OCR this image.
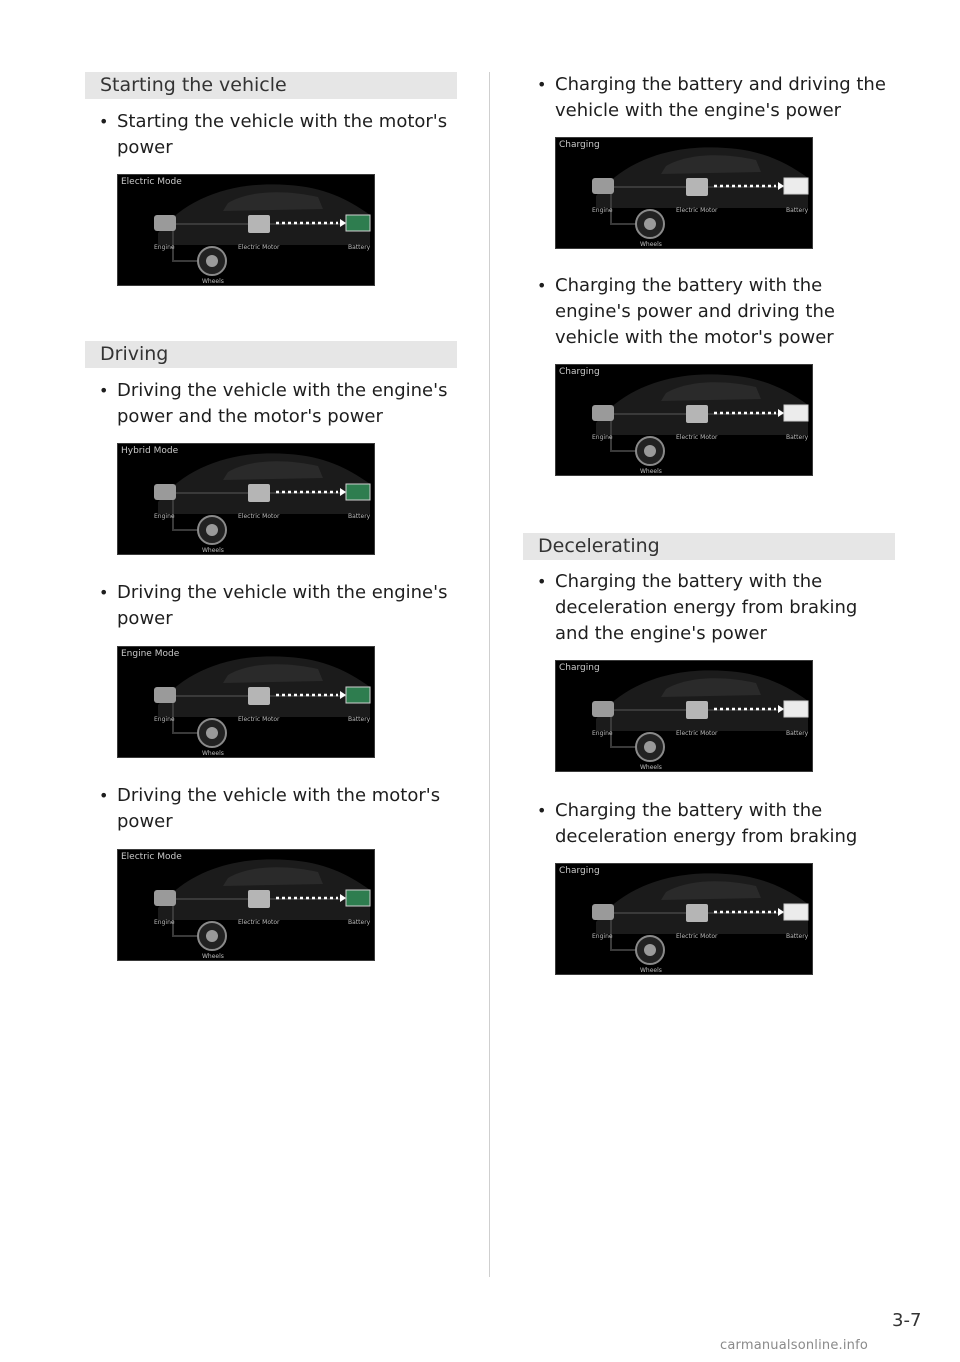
Starting the vehicle
• Starting the vehicle with the motor's power
Electric Mode
Engine	Electric Motor	Battery
Wheels
Driving
• Driving the vehicle with the engine's power and the motor's power
Hybrid Mode
Engine	Electric Motor	Battery
Wheels
• Driving the vehicle with the engine's power
Engine Mode
Engine	Electric Motor	Battery
Wheels
• Driving the vehicle with the motor's power
Electric Mode
Engine	Electric Motor	Battery
Wheels
• Charging the battery and driving the vehicle with the engine's power
Charging
Engine	Electric Motor	Battery
Wheels
• Charging the battery with the engine's power and driving the vehicle with the motor's power
Charging
Engine	Electric Motor	Battery
Wheels
Decelerating
• Charging the battery with the deceleration energy from braking and the engine's power
Charging
Engine	Electric Motor	Battery
Wheels
• Charging the battery with the deceleration energy from braking
Charging
Engine	Electric Motor	Battery
Wheels
3-7
carmanualsonline.info
